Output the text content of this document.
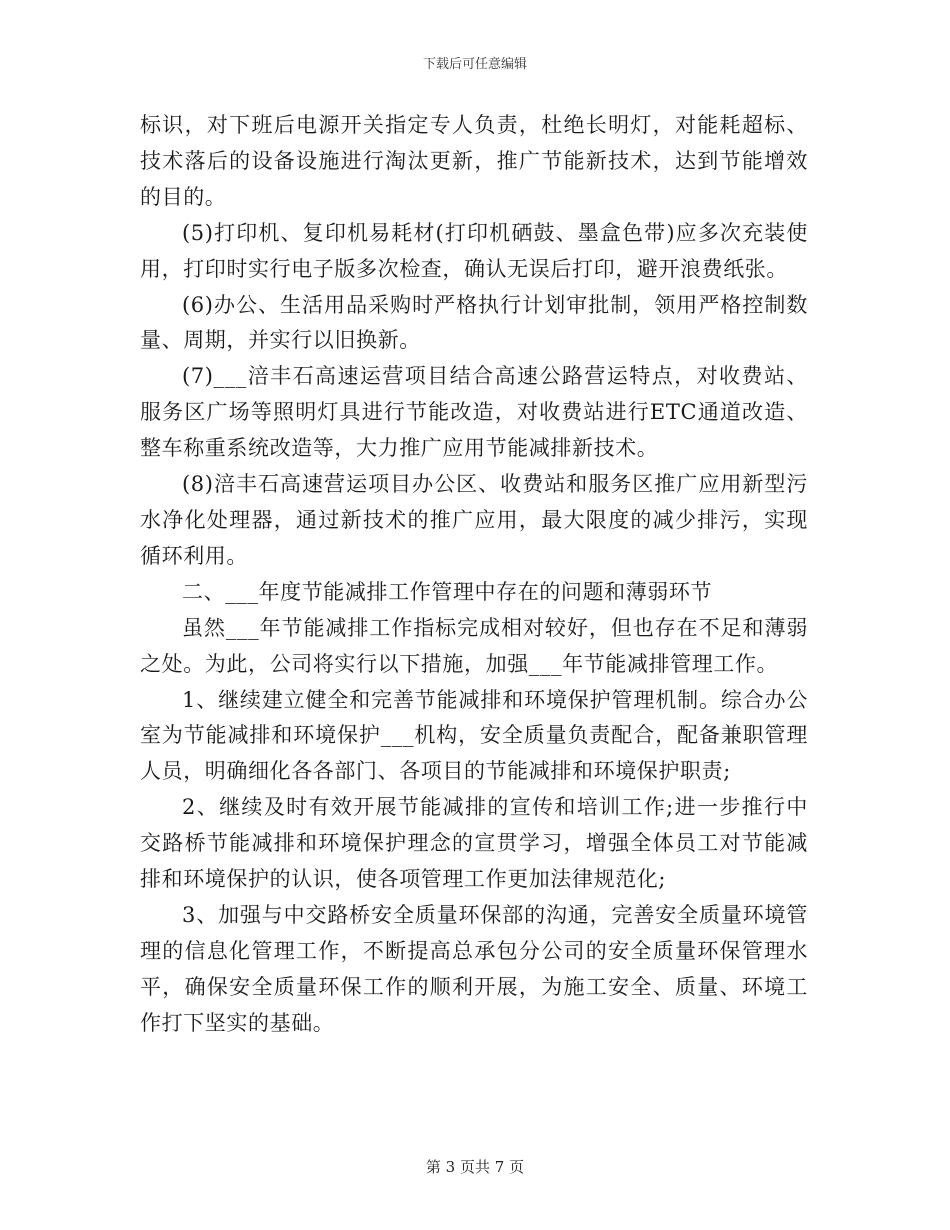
下载后可任意编辑

标识，对下班后电源开关指定专人负责，杜绝长明灯，对能耗超标、技术落后的设备设施进行淘汰更新，推广节能新技术，达到节能增效的目的。

(5)打印机、复印机易耗材(打印机硒鼓、墨盒色带)应多次充装使用，打印时实行电子版多次检查，确认无误后打印，避开浪费纸张。

(6)办公、生活用品采购时严格执行计划审批制，领用严格控制数量、周期，并实行以旧换新。

(7)___涪丰石高速运营项目结合高速公路营运特点，对收费站、服务区广场等照明灯具进行节能改造，对收费站进行ETC通道改造、整车称重系统改造等，大力推广应用节能减排新技术。

(8)涪丰石高速营运项目办公区、收费站和服务区推广应用新型污水净化处理器，通过新技术的推广应用，最大限度的减少排污，实现循环利用。

二、___年度节能减排工作管理中存在的问题和薄弱环节

虽然___年节能减排工作指标完成相对较好，但也存在不足和薄弱之处。为此，公司将实行以下措施，加强___年节能减排管理工作。

1、继续建立健全和完善节能减排和环境保护管理机制。综合办公室为节能减排和环境保护___机构，安全质量负责配合，配备兼职管理人员，明确细化各各部门、各项目的节能减排和环境保护职责;

2、继续及时有效开展节能减排的宣传和培训工作;进一步推行中交路桥节能减排和环境保护理念的宣贯学习，增强全体员工对节能减排和环境保护的认识，使各项管理工作更加法律规范化;

3、加强与中交路桥安全质量环保部的沟通，完善安全质量环境管理的信息化管理工作，不断提高总承包分公司的安全质量环保管理水平，确保安全质量环保工作的顺利开展，为施工安全、质量、环境工作打下坚实的基础。

第 3 页共 7 页
